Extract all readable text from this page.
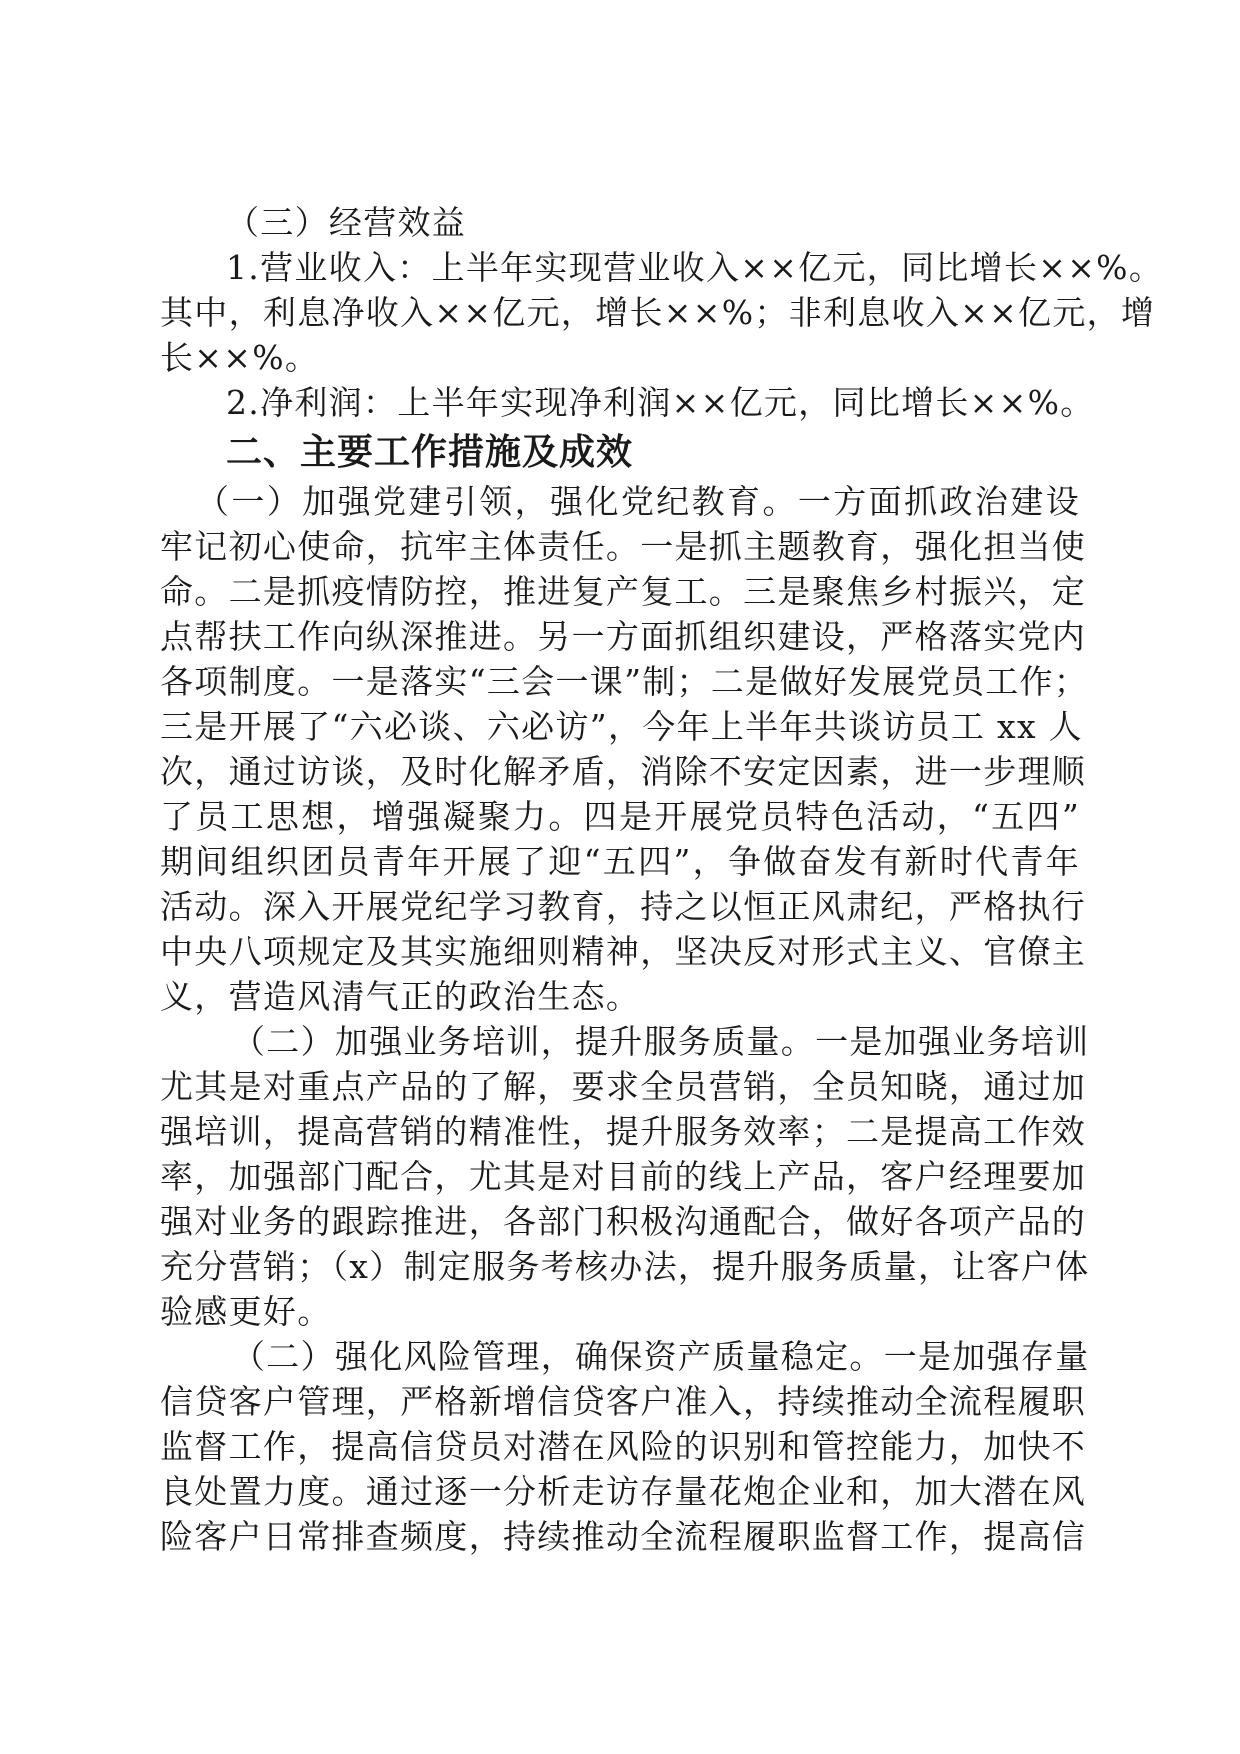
（三）经营效益
1.营业收入：上半年实现营业收入××亿元，同比增长××%。
其中，利息净收入××亿元，增长××%；非利息收入××亿元，增
长××%。
2.净利润：上半年实现净利润××亿元，同比增长××%。
二、主要工作措施及成效
（一）加强党建引领，强化党纪教育。一方面抓政治建设
牢记初心使命，抗牢主体责任。一是抓主题教育，强化担当使
命。二是抓疫情防控，推进复产复工。三是聚焦乡村振兴，定
点帮扶工作向纵深推进。另一方面抓组织建设，严格落实党内
各项制度。一是落实“三会一课”制；二是做好发展党员工作；
三是开展了“六必谈、六必访”，今年上半年共谈访员工 xx 人
次，通过访谈，及时化解矛盾，消除不安定因素，进一步理顺
了员工思想，增强凝聚力。四是开展党员特色活动，“五四”
期间组织团员青年开展了迎“五四”，争做奋发有新时代青年
活动。深入开展党纪学习教育，持之以恒正风肃纪，严格执行
中央八项规定及其实施细则精神，坚决反对形式主义、官僚主
义，营造风清气正的政治生态。
（二）加强业务培训，提升服务质量。一是加强业务培训
尤其是对重点产品的了解，要求全员营销，全员知晓，通过加
强培训，提高营销的精准性，提升服务效率；二是提高工作效
率，加强部门配合，尤其是对目前的线上产品，客户经理要加
强对业务的跟踪推进，各部门积极沟通配合，做好各项产品的
充分营销；（x）制定服务考核办法，提升服务质量，让客户体
验感更好。
（二）强化风险管理，确保资产质量稳定。一是加强存量
信贷客户管理，严格新增信贷客户准入，持续推动全流程履职
监督工作，提高信贷员对潜在风险的识别和管控能力，加快不
良处置力度。通过逐一分析走访存量花炮企业和，加大潜在风
险客户日常排查频度，持续推动全流程履职监督工作，提高信
